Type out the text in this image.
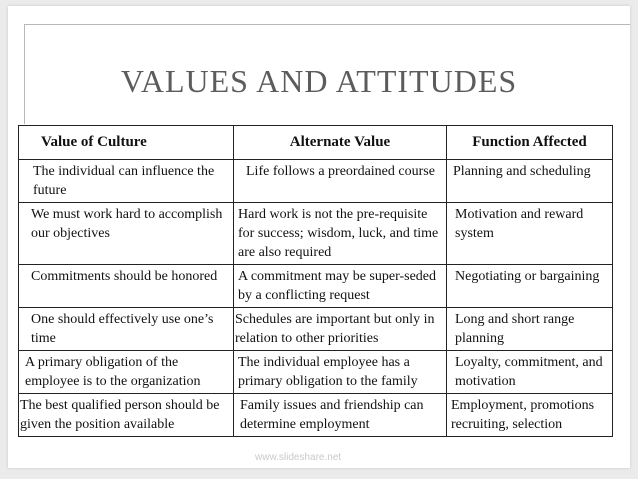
VALUES AND ATTITUDES
www.slideshare.net
Value of Culture	Alternate Value	Function Affected
The individual can influence the future	Life follows a preordained course	Planning and scheduling
We must work hard to accomplish our objectives	Hard work is not the pre-requisite for success; wisdom, luck, and time are also required	Motivation and reward system
Commitments should be honored	A commitment may be super-seded by a conflicting request	Negotiating or bargaining
One should effectively use one’s time	Schedules are important but only in relation to other priorities	Long and short range planning
A primary obligation of the employee is to the organization	The individual employee has a primary obligation to the family	Loyalty, commitment, and motivation
The best qualified person should be given the position available	Family issues and friendship can determine employment	Employment, promotions recruiting, selection
